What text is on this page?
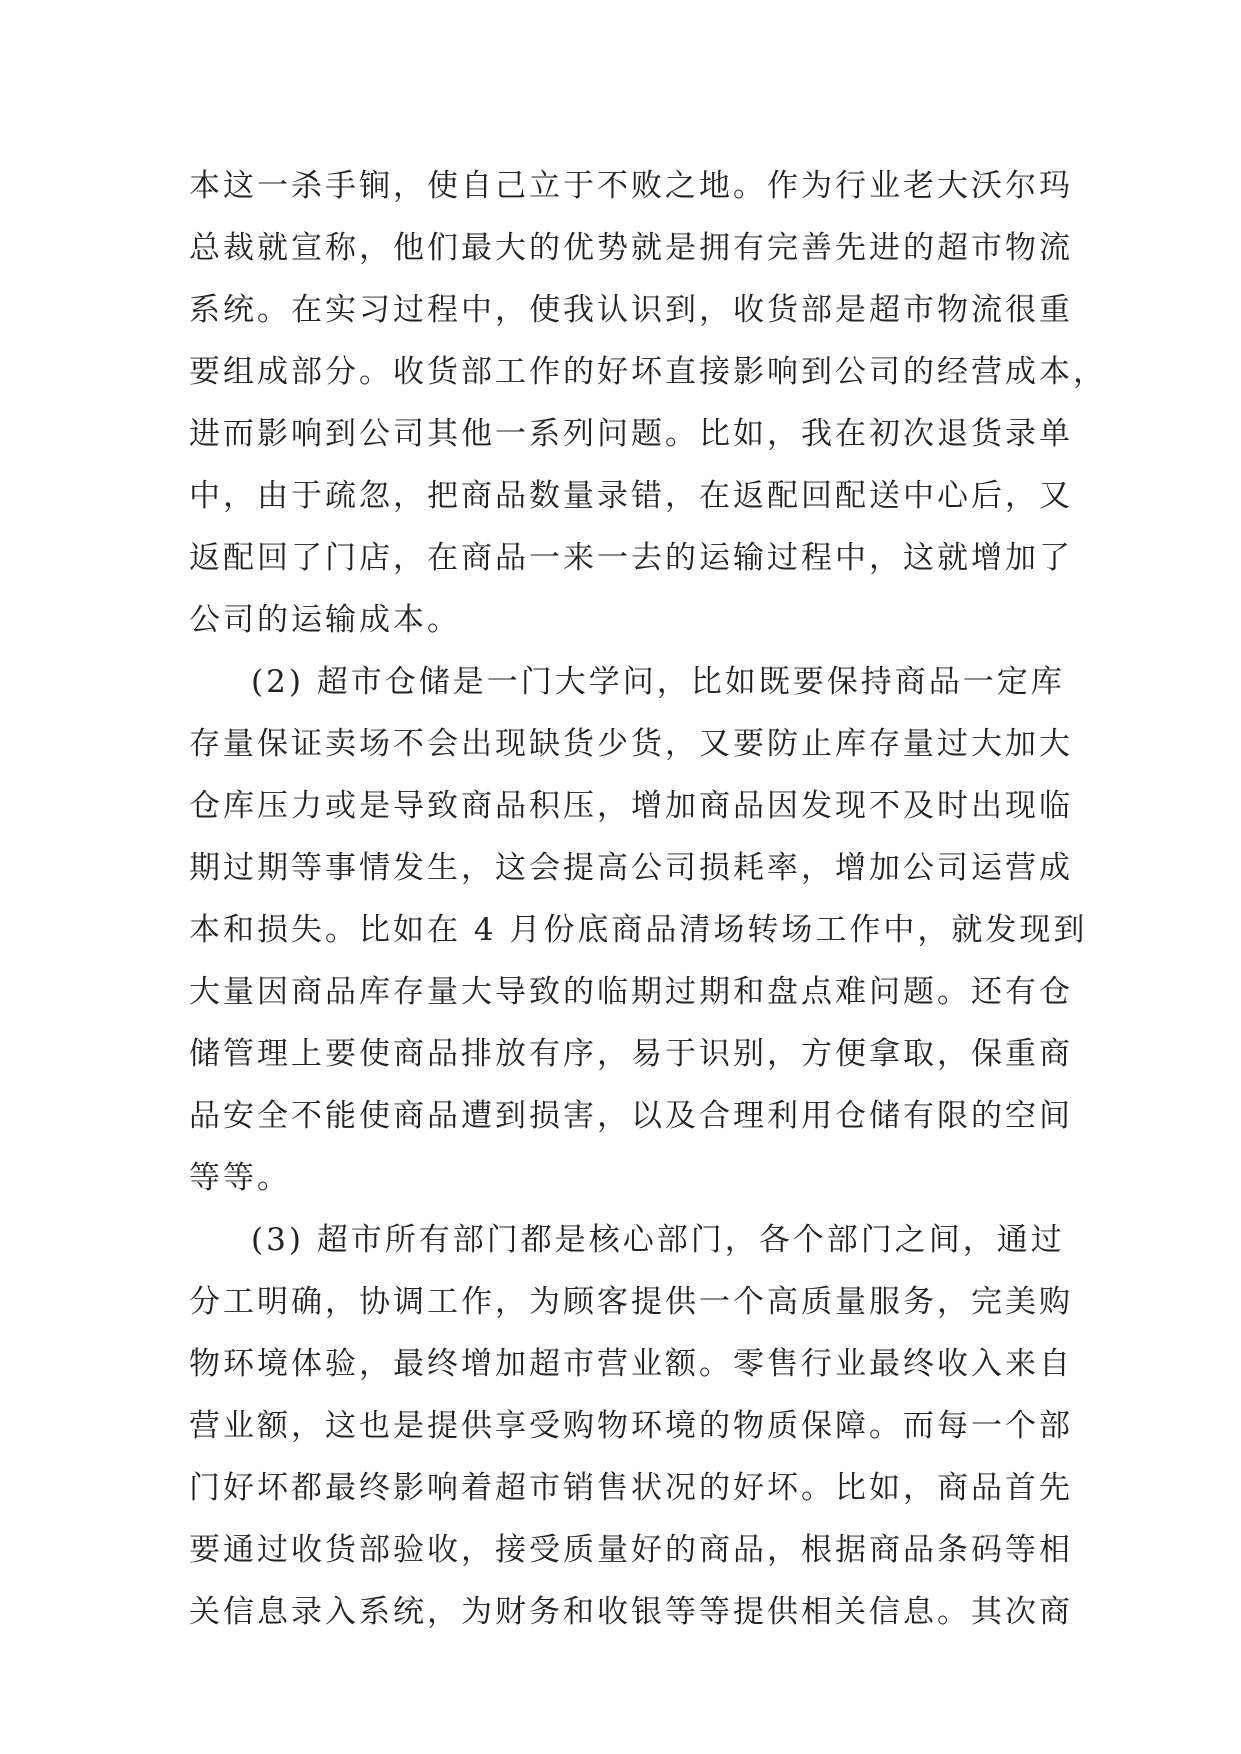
本这一杀手锏，使自己立于不败之地。作为行业老大沃尔玛
总裁就宣称，他们最大的优势就是拥有完善先进的超市物流
系统。在实习过程中，使我认识到，收货部是超市物流很重
要组成部分。收货部工作的好坏直接影响到公司的经营成本，
进而影响到公司其他一系列问题。比如，我在初次退货录单
中，由于疏忽，把商品数量录错，在返配回配送中心后，又
返配回了门店，在商品一来一去的运输过程中，这就增加了
公司的运输成本。
(2) 超市仓储是一门大学问，比如既要保持商品一定库
存量保证卖场不会出现缺货少货，又要防止库存量过大加大
仓库压力或是导致商品积压，增加商品因发现不及时出现临
期过期等事情发生，这会提高公司损耗率，增加公司运营成
本和损失。比如在 4 月份底商品清场转场工作中，就发现到
大量因商品库存量大导致的临期过期和盘点难问题。还有仓
储管理上要使商品排放有序，易于识别，方便拿取，保重商
品安全不能使商品遭到损害，以及合理利用仓储有限的空间
等等。
(3) 超市所有部门都是核心部门，各个部门之间，通过
分工明确，协调工作，为顾客提供一个高质量服务，完美购
物环境体验，最终增加超市营业额。零售行业最终收入来自
营业额，这也是提供享受购物环境的物质保障。而每一个部
门好坏都最终影响着超市销售状况的好坏。比如，商品首先
要通过收货部验收，接受质量好的商品，根据商品条码等相
关信息录入系统，为财务和收银等等提供相关信息。其次商
